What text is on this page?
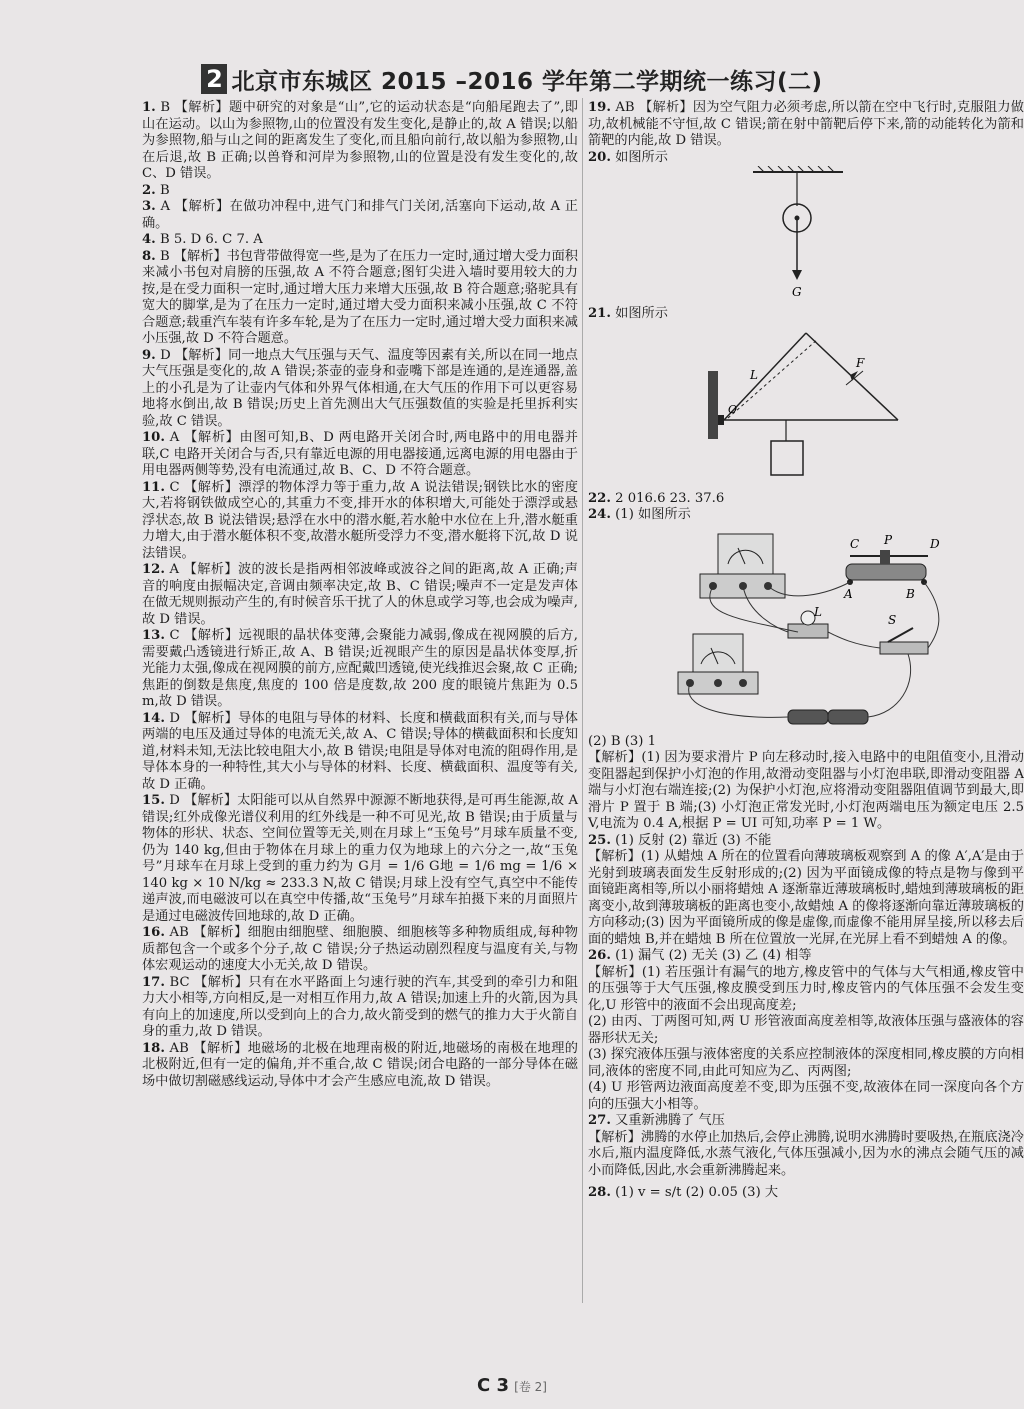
2 北京市东城区 2015 –2016 学年第二学期统一练习(二)

1. B 【解析】题中研究的对象是“山”,它的运动状态是“向船尾跑去了”,即山在运动。以山为参照物,山的位置没有发生变化,是静止的,故 A 错误;以船为参照物,船与山之间的距离发生了变化,而且船向前行,故以船为参照物,山在后退,故 B 正确;以兽脊和河岸为参照物,山的位置是没有发生变化的,故 C、D 错误。

2. B

3. A 【解析】在做功冲程中,进气门和排气门关闭,活塞向下运动,故 A 正确。

4. B 5. D 6. C 7. A

8. B 【解析】书包背带做得宽一些,是为了在压力一定时,通过增大受力面积来减小书包对肩膀的压强,故 A 不符合题意;图钉尖进入墙时要用较大的力按,是在受力面积一定时,通过增大压力来增大压强,故 B 符合题意;骆驼具有宽大的脚掌,是为了在压力一定时,通过增大受力面积来减小压强,故 C 不符合题意;载重汽车装有许多车轮,是为了在压力一定时,通过增大受力面积来减小压强,故 D 不符合题意。

9. D 【解析】同一地点大气压强与天气、温度等因素有关,所以在同一地点大气压强是变化的,故 A 错误;茶壶的壶身和壶嘴下部是连通的,是连通器,盖上的小孔是为了让壶内气体和外界气体相通,在大气压的作用下可以更容易地将水倒出,故 B 错误;历史上首先测出大气压强数值的实验是托里拆利实验,故 C 错误。

10. A 【解析】由图可知,B、D 两电路开关闭合时,两电路中的用电器并联,C 电路开关闭合与否,只有靠近电源的用电器接通,远离电源的用电器由于用电器两侧等势,没有电流通过,故 B、C、D 不符合题意。

11. C 【解析】漂浮的物体浮力等于重力,故 A 说法错误;钢铁比水的密度大,若将钢铁做成空心的,其重力不变,排开水的体积增大,可能处于漂浮或悬浮状态,故 B 说法错误;悬浮在水中的潜水艇,若水舱中水位在上升,潜水艇重力增大,由于潜水艇体积不变,故潜水艇所受浮力不变,潜水艇将下沉,故 D 说法错误。

12. A 【解析】波的波长是指两相邻波峰或波谷之间的距离,故 A 正确;声音的响度由振幅决定,音调由频率决定,故 B、C 错误;噪声不一定是发声体在做无规则振动产生的,有时候音乐干扰了人的休息或学习等,也会成为噪声,故 D 错误。

13. C 【解析】远视眼的晶状体变薄,会聚能力减弱,像成在视网膜的后方,需要戴凸透镜进行矫正,故 A、B 错误;近视眼产生的原因是晶状体变厚,折光能力太强,像成在视网膜的前方,应配戴凹透镜,使光线推迟会聚,故 C 正确;焦距的倒数是焦度,焦度的 100 倍是度数,故 200 度的眼镜片焦距为 0.5 m,故 D 错误。

14. D 【解析】导体的电阻与导体的材料、长度和横截面积有关,而与导体两端的电压及通过导体的电流无关,故 A、C 错误;导体的横截面积和长度知道,材料未知,无法比较电阻大小,故 B 错误;电阻是导体对电流的阻碍作用,是导体本身的一种特性,其大小与导体的材料、长度、横截面积、温度等有关,故 D 正确。

15. D 【解析】太阳能可以从自然界中源源不断地获得,是可再生能源,故 A 错误;红外成像光谱仪利用的红外线是一种不可见光,故 B 错误;由于质量与物体的形状、状态、空间位置等无关,则在月球上“玉兔号”月球车质量不变,仍为 140 kg,但由于物体在月球上的重力仅为地球上的六分之一,故“玉兔号”月球车在月球上受到的重力约为 G月 = 1/6 G地 = 1/6 mg = 1/6 × 140 kg × 10 N/kg ≈ 233.3 N,故 C 错误;月球上没有空气,真空中不能传递声波,而电磁波可以在真空中传播,故“玉兔号”月球车拍摄下来的月面照片是通过电磁波传回地球的,故 D 正确。

16. AB 【解析】细胞由细胞壁、细胞膜、细胞核等多种物质组成,每种物质都包含一个或多个分子,故 C 错误;分子热运动剧烈程度与温度有关,与物体宏观运动的速度大小无关,故 D 错误。

17. BC 【解析】只有在水平路面上匀速行驶的汽车,其受到的牵引力和阻力大小相等,方向相反,是一对相互作用力,故 A 错误;加速上升的火箭,因为具有向上的加速度,所以受到向上的合力,故火箭受到的燃气的推力大于火箭自身的重力,故 D 错误。

18. AB 【解析】地磁场的北极在地理南极的附近,地磁场的南极在地理的北极附近,但有一定的偏角,并不重合,故 C 错误;闭合电路的一部分导体在磁场中做切割磁感线运动,导体中才会产生感应电流,故 D 错误。

19. AB 【解析】因为空气阻力必须考虑,所以箭在空中飞行时,克服阻力做功,故机械能不守恒,故 C 错误;箭在射中箭靶后停下来,箭的动能转化为箭和箭靶的内能,故 D 错误。

20. 如图所示

G

21. 如图所示

L
F
O

22. 2 016.6 23. 37.6

24. (1) 如图所示

C P	D
A	B
L
S

(2) B (3) 1

【解析】(1) 因为要求滑片 P 向左移动时,接入电路中的电阻值变小,且滑动变阻器起到保护小灯泡的作用,故滑动变阻器与小灯泡串联,即滑动变阻器 A 端与小灯泡右端连接;(2) 为保护小灯泡,应将滑动变阻器阻值调节到最大,即滑片 P 置于 B 端;(3) 小灯泡正常发光时,小灯泡两端电压为额定电压 2.5 V,电流为 0.4 A,根据 P = UI 可知,功率 P = 1 W。

25. (1) 反射 (2) 靠近 (3) 不能

【解析】(1) 从蜡烛 A 所在的位置看向薄玻璃板观察到 A 的像 A′,A′是由于光射到玻璃表面发生反射形成的;(2) 因为平面镜成像的特点是物与像到平面镜距离相等,所以小丽将蜡烛 A 逐渐靠近薄玻璃板时,蜡烛到薄玻璃板的距离变小,故到薄玻璃板的距离也变小,故蜡烛 A 的像将逐渐向靠近薄玻璃板的方向移动;(3) 因为平面镜所成的像是虚像,而虚像不能用屏呈接,所以移去后面的蜡烛 B,并在蜡烛 B 所在位置放一光屏,在光屏上看不到蜡烛 A 的像。

26. (1) 漏气 (2) 无关 (3) 乙 (4) 相等

【解析】(1) 若压强计有漏气的地方,橡皮管中的气体与大气相通,橡皮管中的压强等于大气压强,橡皮膜受到压力时,橡皮管内的气体压强不会发生变化,U 形管中的液面不会出现高度差;

(2) 由丙、丁两图可知,两 U 形管液面高度差相等,故液体压强与盛液体的容器形状无关;

(3) 探究液体压强与液体密度的关系应控制液体的深度相同,橡皮膜的方向相同,液体的密度不同,由此可知应为乙、丙两图;

(4) U 形管两边液面高度差不变,即为压强不变,故液体在同一深度向各个方向的压强大小相等。

27. 又重新沸腾了 气压

【解析】沸腾的水停止加热后,会停止沸腾,说明水沸腾时要吸热,在瓶底浇冷水后,瓶内温度降低,水蒸气液化,气体压强减小,因为水的沸点会随气压的减小而降低,因此,水会重新沸腾起来。

28. (1) v = s/t (2) 0.05 (3) 大

C 3 [卷 2]
